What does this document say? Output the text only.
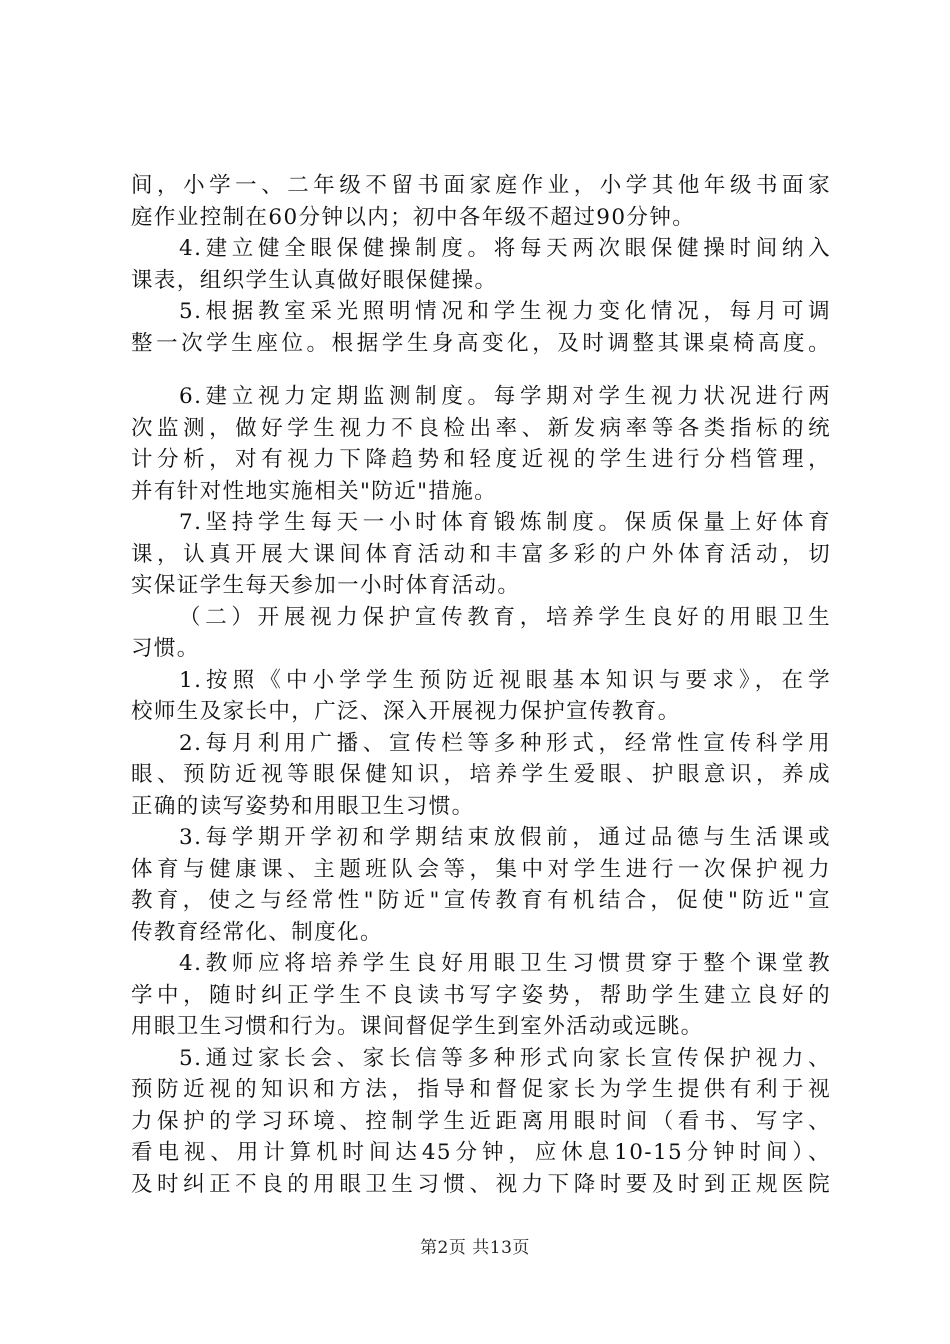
间，小学一、二年级不留书面家庭作业，小学其他年级书面家
庭作业控制在60分钟以内；初中各年级不超过90分钟。
4.建立健全眼保健操制度。将每天两次眼保健操时间纳入
课表，组织学生认真做好眼保健操。
5.根据教室采光照明情况和学生视力变化情况，每月可调
整一次学生座位。根据学生身高变化，及时调整其课桌椅高度。
6.建立视力定期监测制度。每学期对学生视力状况进行两
次监测，做好学生视力不良检出率、新发病率等各类指标的统
计分析，对有视力下降趋势和轻度近视的学生进行分档管理，
并有针对性地实施相关"防近"措施。
7.坚持学生每天一小时体育锻炼制度。保质保量上好体育
课，认真开展大课间体育活动和丰富多彩的户外体育活动，切
实保证学生每天参加一小时体育活动。
（二）开展视力保护宣传教育，培养学生良好的用眼卫生
习惯。
1.按照《中小学学生预防近视眼基本知识与要求》，在学
校师生及家长中，广泛、深入开展视力保护宣传教育。
2.每月利用广播、宣传栏等多种形式，经常性宣传科学用
眼、预防近视等眼保健知识，培养学生爱眼、护眼意识，养成
正确的读写姿势和用眼卫生习惯。
3.每学期开学初和学期结束放假前，通过品德与生活课或
体育与健康课、主题班队会等，集中对学生进行一次保护视力
教育，使之与经常性"防近"宣传教育有机结合，促使"防近"宣
传教育经常化、制度化。
4.教师应将培养学生良好用眼卫生习惯贯穿于整个课堂教
学中，随时纠正学生不良读书写字姿势，帮助学生建立良好的
用眼卫生习惯和行为。课间督促学生到室外活动或远眺。
5.通过家长会、家长信等多种形式向家长宣传保护视力、
预防近视的知识和方法，指导和督促家长为学生提供有利于视
力保护的学习环境、控制学生近距离用眼时间（看书、写字、
看电视、用计算机时间达45分钟，应休息10-15分钟时间）、
及时纠正不良的用眼卫生习惯、视力下降时要及时到正规医院
第2页 共13页
